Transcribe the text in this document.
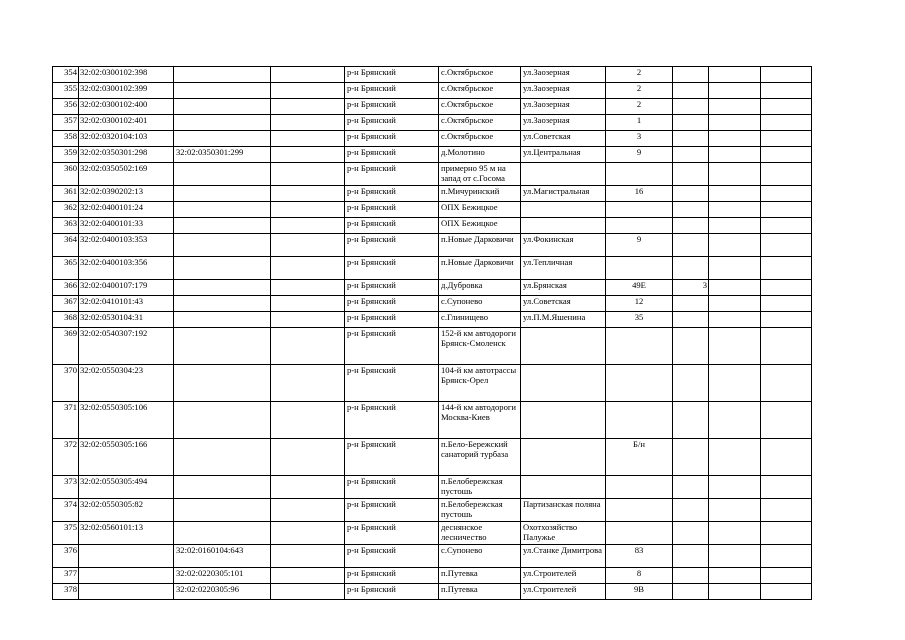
354	32:02:0300102:398			р-н Брянский	с.Октябрьское	ул.Заозерная	2			
355	32:02:0300102:399			р-н Брянский	с.Октябрьское	ул.Заозерная	2			
356	32:02:0300102:400			р-н Брянский	с.Октябрьское	ул.Заозерная	2			
357	32:02:0300102:401			р-н Брянский	с.Октябрьское	ул.Заозерная	1			
358	32:02:0320104:103			р-н Брянский	с.Октябрьское	ул.Советская	3			
359	32:02:0350301:298	32:02:0350301:299		р-н Брянский	д.Молотино	ул.Центральная	9			
360	32:02:0350502:169			р-н Брянский	примерно 95 м на запад от с.Госома					
361	32:02:0390202:13			р-н Брянский	п.Мичуринский	ул.Магистральная	16			
362	32:02:0400101:24			р-н Брянский	ОПХ Бежицкое					
363	32:02:0400101:33			р-н Брянский	ОПХ Бежицкое					
364	32:02:0400103:353			р-н Брянский	п.Новые Дарковичи	ул.Фокинская	9			
365	32:02:0400103:356			р-н Брянский	п.Новые Дарковичи	ул.Тепличная				
366	32:02:0400107:179			р-н Брянский	д.Дубровка	ул.Брянская	49Е	3		
367	32:02:0410101:43			р-н Брянский	с.Супонево	ул.Советская	12			
368	32:02:0530104:31			р-н Брянский	с.Глинищево	ул.П.М.Яшенина	35			
369	32:02:0540307:192			р-н Брянский	152-й км автодороги Брянск-Смоленск					
370	32:02:0550304:23			р-н Брянский	104-й км автотрассы Брянск-Орел					
371	32:02:0550305:106			р-н Брянский	144-й км автодороги Москва-Киев					
372	32:02:0550305:166			р-н Брянский	п.Бело-Бережский санаторий турбаза		Б/н			
373	32:02:0550305:494			р-н Брянский	п.Белобережская пустошь					
374	32:02:0550305:82			р-н Брянский	п.Белобережская пустошь	Партизанская поляна				
375	32:02:0560101:13			р-н Брянский	деснянское лесничество	Охотхозяйство Палужье				
376		32:02:0160104:643		р-н Брянский	с.Супонево	ул.Станке Димитрова	83			
377		32:02:0220305:101		р-н Брянский	п.Путевка	ул.Строителей	8			
378		32:02:0220305:96		р-н Брянский	п.Путевка	ул.Строителей	9В			
